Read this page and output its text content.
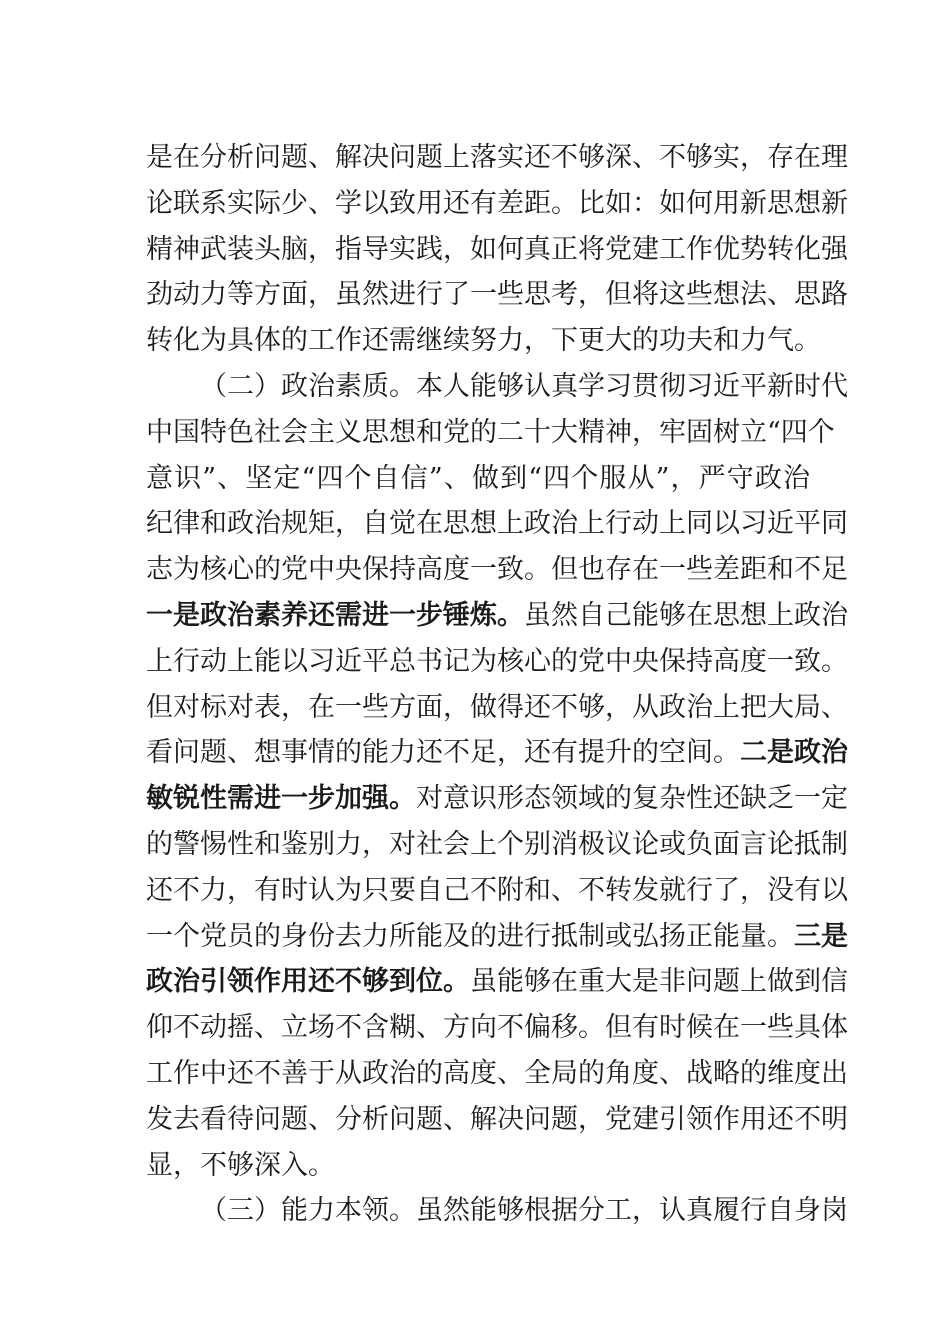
是在分析问题、解决问题上落实还不够深、不够实，存在理
论联系实际少、学以致用还有差距。比如：如何用新思想新
精神武装头脑，指导实践，如何真正将党建工作优势转化强
劲动力等方面，虽然进行了一些思考，但将这些想法、思路
转化为具体的工作还需继续努力，下更大的功夫和力气。
（二）政治素质。本人能够认真学习贯彻习近平新时代
中国特色社会主义思想和党的二十大精神，牢固树立“四个
意识”、坚定“四个自信”、做到“四个服从”，严守政治
纪律和政治规矩，自觉在思想上政治上行动上同以习近平同
志为核心的党中央保持高度一致。但也存在一些差距和不足
一是政治素养还需进一步锤炼。虽然自己能够在思想上政治
上行动上能以习近平总书记为核心的党中央保持高度一致。
但对标对表，在一些方面，做得还不够，从政治上把大局、
看问题、想事情的能力还不足，还有提升的空间。二是政治
敏锐性需进一步加强。对意识形态领域的复杂性还缺乏一定
的警惕性和鉴别力，对社会上个别消极议论或负面言论抵制
还不力，有时认为只要自己不附和、不转发就行了，没有以
一个党员的身份去力所能及的进行抵制或弘扬正能量。三是
政治引领作用还不够到位。虽能够在重大是非问题上做到信
仰不动摇、立场不含糊、方向不偏移。但有时候在一些具体
工作中还不善于从政治的高度、全局的角度、战略的维度出
发去看待问题、分析问题、解决问题，党建引领作用还不明
显，不够深入。
（三）能力本领。虽然能够根据分工，认真履行自身岗
